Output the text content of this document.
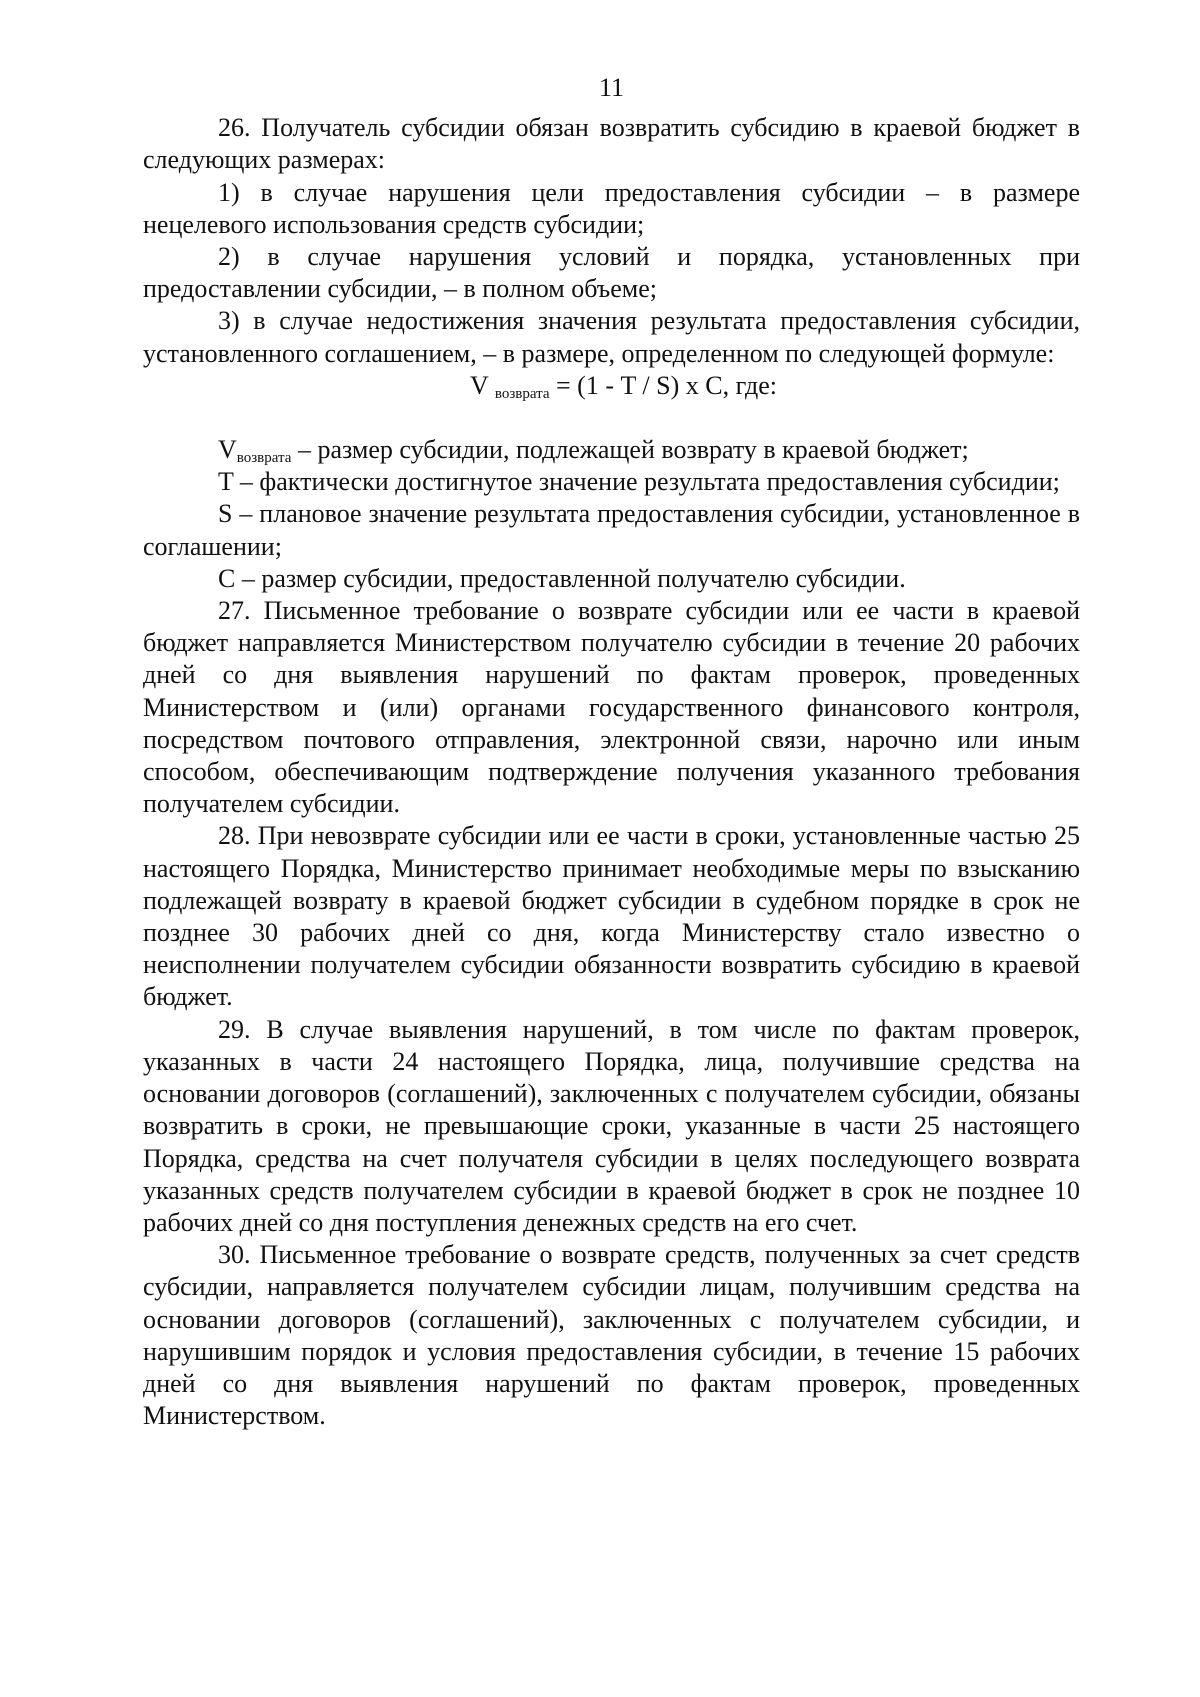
11

26. Получатель субсидии обязан возвратить субсидию в краевой бюджет в следующих размерах:

1) в случае нарушения цели предоставления субсидии – в размере нецелевого использования средств субсидии;

2) в случае нарушения условий и порядка, установленных при предоставлении субсидии, – в полном объеме;

3) в случае недостижения значения результата предоставления субсидии, установленного соглашением, – в размере, определенном по следующей формуле:

V $_{возврата}$ = (1 - T / S) x C, где:

$V_{возврата}$ – размер субсидии, подлежащей возврату в краевой бюджет;

T – фактически достигнутое значение результата предоставления субсидии;

S – плановое значение результата предоставления субсидии, установленное в соглашении;

С – размер субсидии, предоставленной получателю субсидии.

27. Письменное требование о возврате субсидии или ее части в краевой бюджет направляется Министерством получателю субсидии в течение 20 рабочих дней со дня выявления нарушений по фактам проверок, проведенных Министерством и (или) органами государственного финансового контроля, посредством почтового отправления, электронной связи, нарочно или иным способом, обеспечивающим подтверждение получения указанного требования получателем субсидии.

28. При невозврате субсидии или ее части в сроки, установленные частью 25 настоящего Порядка, Министерство принимает необходимые меры по взысканию подлежащей возврату в краевой бюджет субсидии в судебном порядке в срок не позднее 30 рабочих дней со дня, когда Министерству стало известно о неисполнении получателем субсидии обязанности возвратить субсидию в краевой бюджет.

29. В случае выявления нарушений, в том числе по фактам проверок, указанных в части 24 настоящего Порядка, лица, получившие средства на основании договоров (соглашений), заключенных с получателем субсидии, обязаны возвратить в сроки, не превышающие сроки, указанные в части 25 настоящего Порядка, средства на счет получателя субсидии в целях последующего возврата указанных средств получателем субсидии в краевой бюджет в срок не позднее 10 рабочих дней со дня поступления денежных средств на его счет.

30. Письменное требование о возврате средств, полученных за счет средств субсидии, направляется получателем субсидии лицам, получившим средства на основании договоров (соглашений), заключенных с получателем субсидии, и нарушившим порядок и условия предоставления субсидии, в течение 15 рабочих дней со дня выявления нарушений по фактам проверок, проведенных Министерством.
